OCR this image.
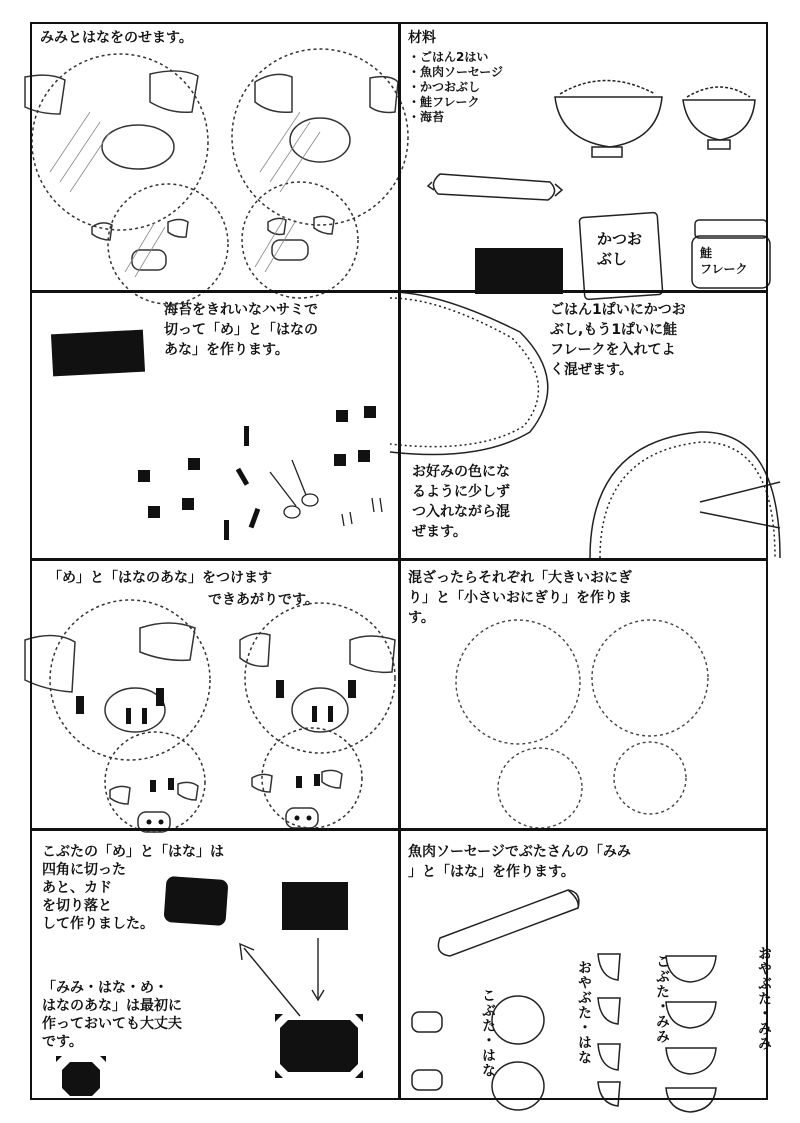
みみとはなをのせます。	材料
・ごはん2はい
・魚肉ソーセージ
・かつおぶし
・鮭フレーク
・海苔
かつお
ぶし	鮭
フレーク
海苔をきれいなハサミで
切って「め」と「はなの
あな」を作ります。
ごはん1ぱいにかつお
ぶし,もう1ぱいに鮭
フレークを入れてよ
く混ぜます。
お好みの色にな
るように少しず
つ入れながら混
ぜます。
「め」と「はなのあな」をつけます
できあがりです。
混ざったらそれぞれ「大きいおにぎ
り」と「小さいおにぎり」を作りま
す。
こぶたの「め」と「はな」は
四角に切った
あと、カド
を切り落と
して作りました。
「みみ・はな・め・
はなのあな」は最初に
作っておいても大丈夫
です。
魚肉ソーセージでぶたさんの「みみ
」と「はな」を作ります。
こぶた・はな	おやぶた・はな	こぶた・みみ	おやぶた・みみ
